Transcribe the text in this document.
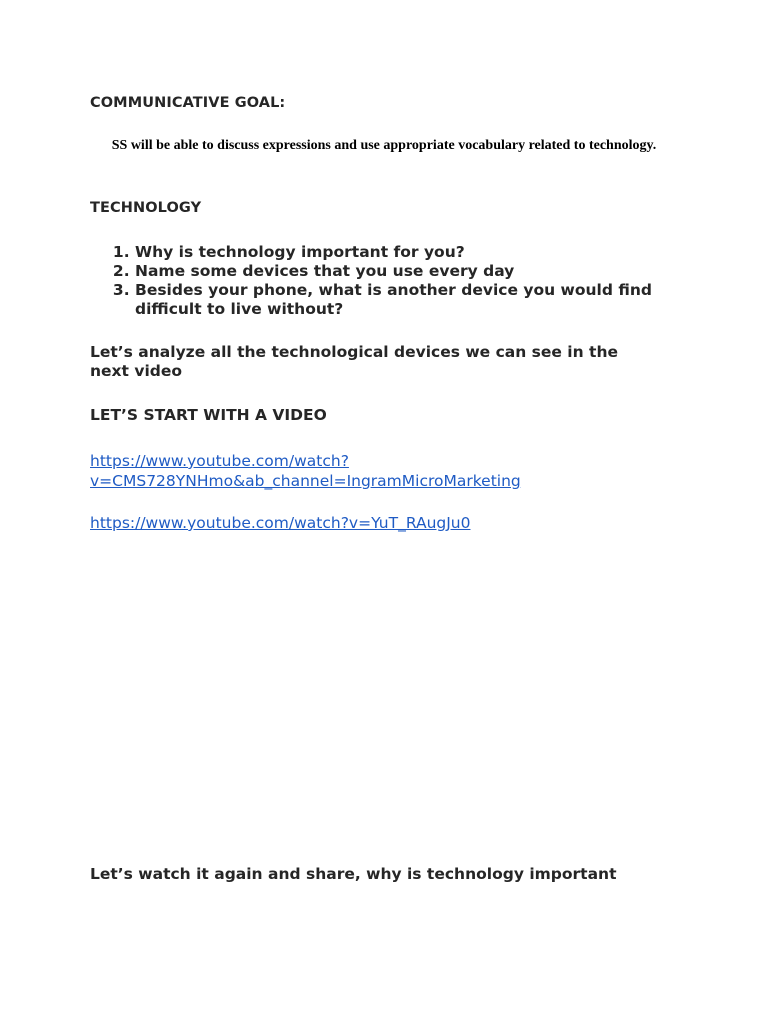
COMMUNICATIVE GOAL:
SS will be able to discuss expressions and use appropriate vocabulary related to technology.
TECHNOLOGY
1. Why is technology important for you?
2. Name some devices that you use every day
3. Besides your phone, what is another device you would find difficult to live without?
Let’s analyze all the technological devices we can see in the next video
LET’S START WITH A VIDEO
https://www.youtube.com/watch?
v=CMS728YNHmo&ab_channel=IngramMicroMarketing
https://www.youtube.com/watch?v=YuT_RAugJu0
Let’s watch it again and share, why is technology important
